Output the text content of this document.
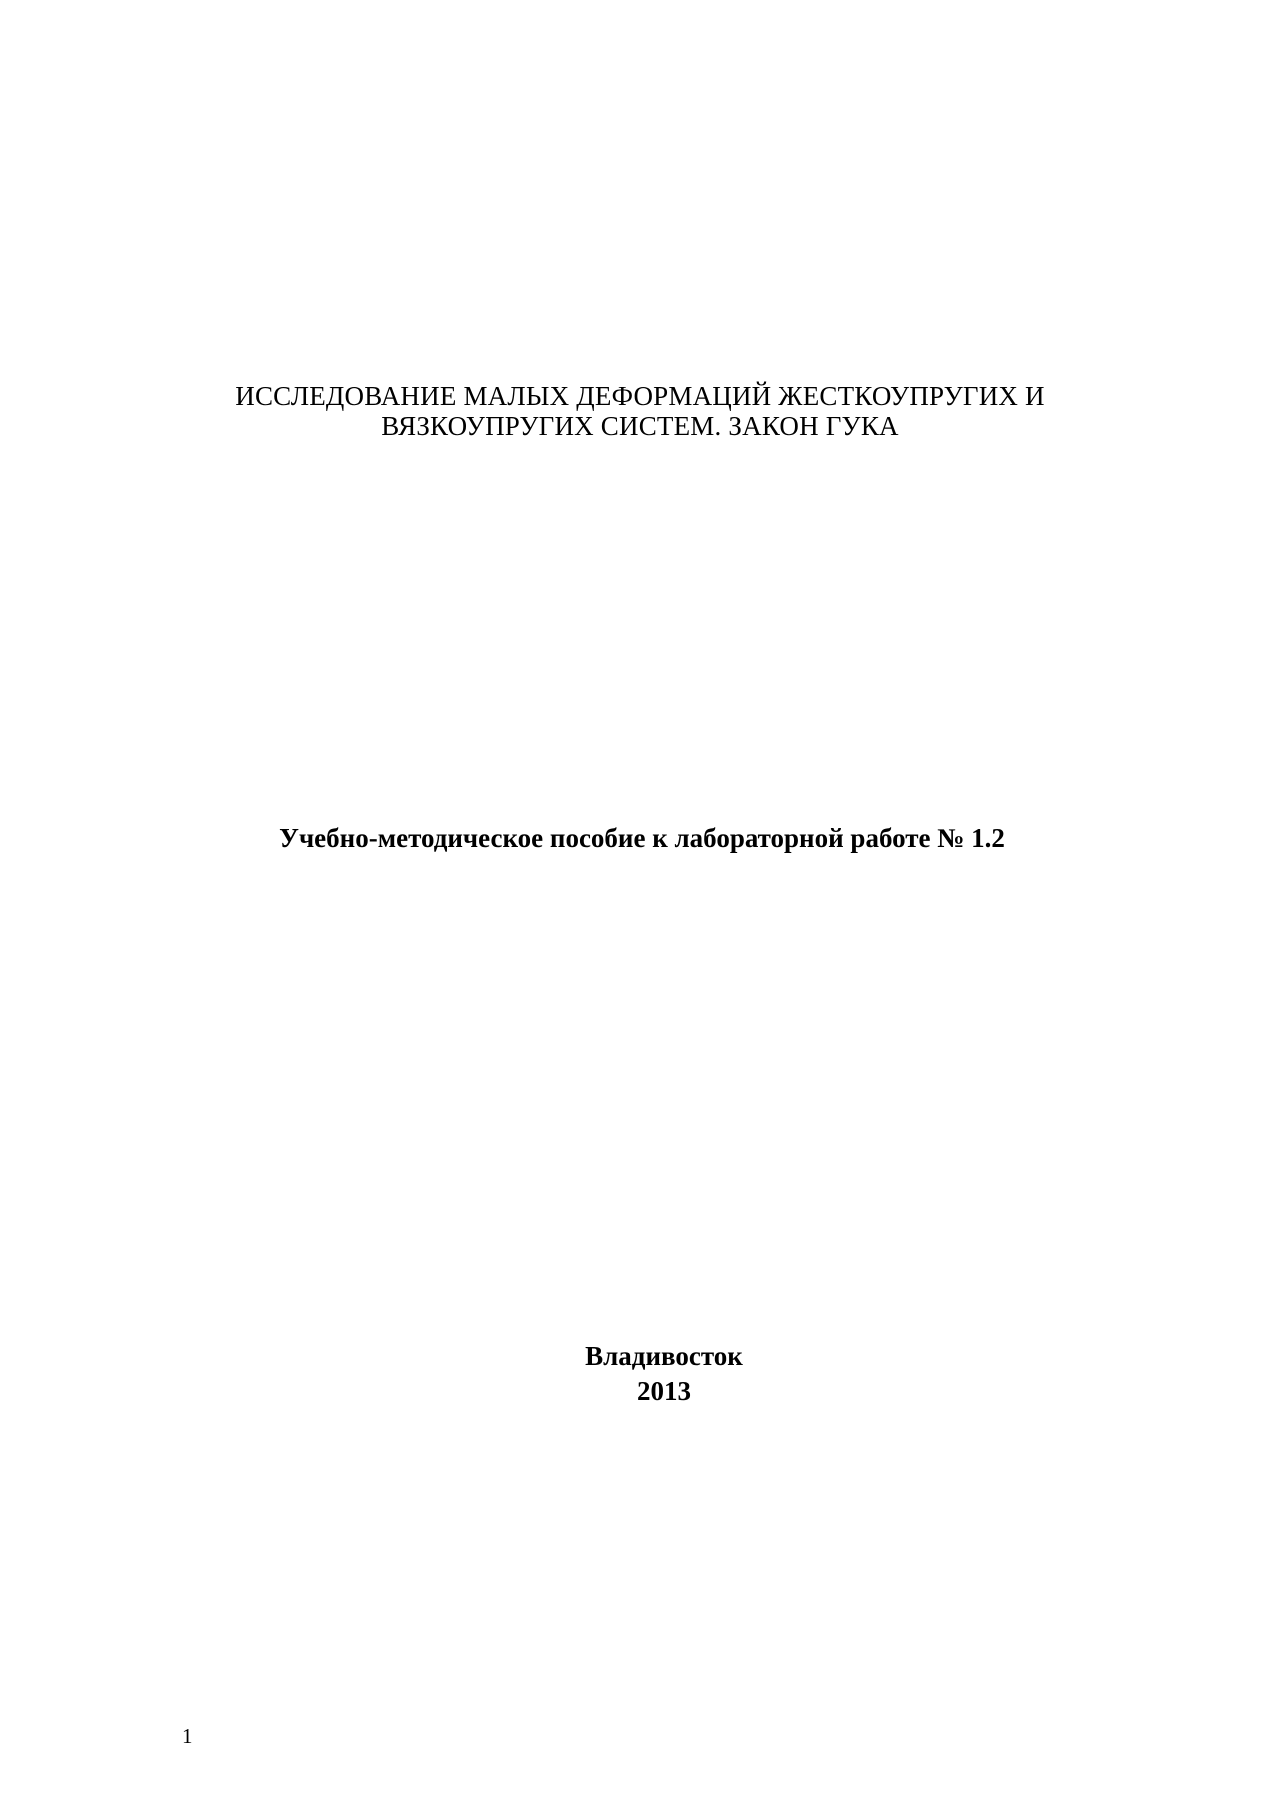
ИССЛЕДОВАНИЕ МАЛЫХ ДЕФОРМАЦИЙ ЖЕСТКОУПРУГИХ И
ВЯЗКОУПРУГИХ СИСТЕМ. ЗАКОН ГУКА
Учебно-методическое пособие к лабораторной работе № 1.2
Владивосток
2013
1
